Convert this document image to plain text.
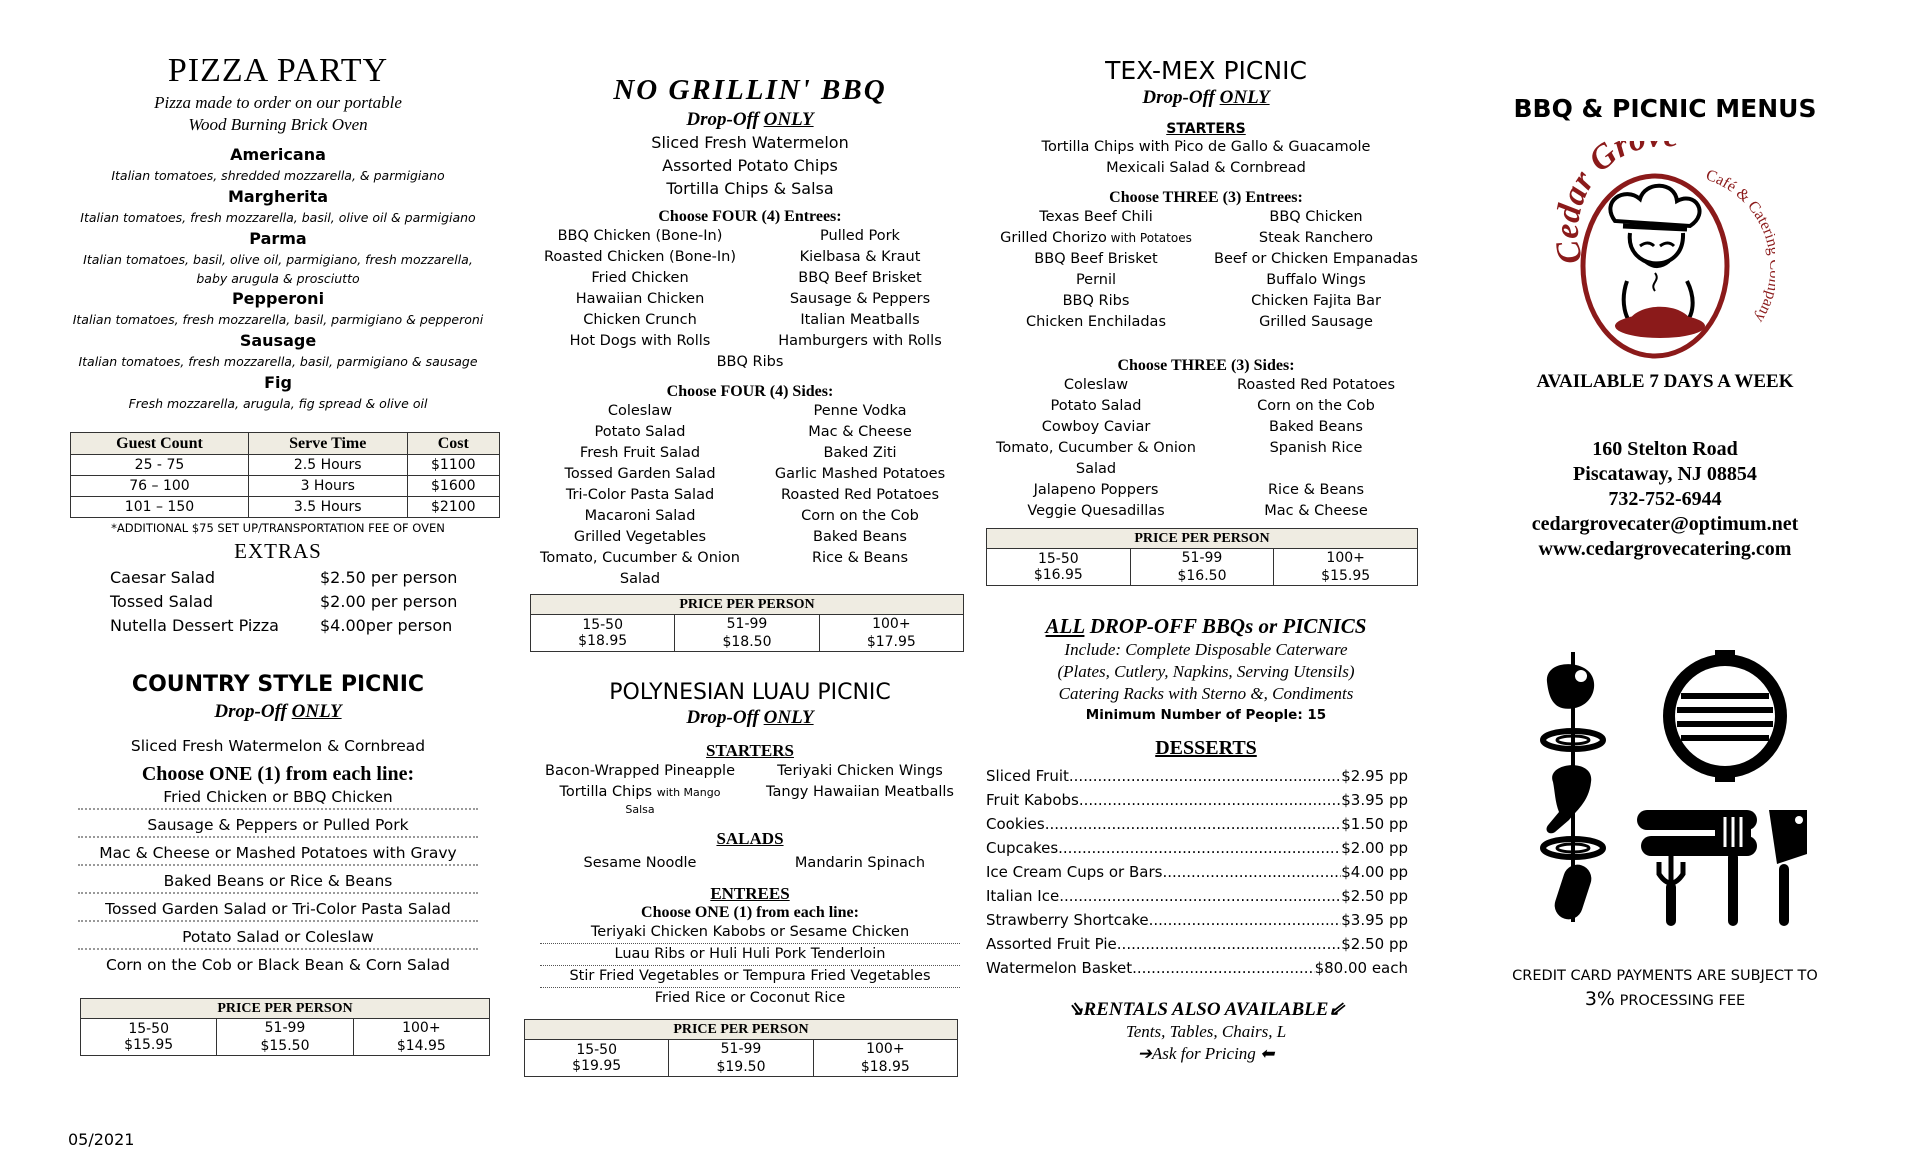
PIZZA PARTY
Pizza made to order on our portable
Wood Burning Brick Oven
Americana
Italian tomatoes, shredded mozzarella, & parmigiano
Margherita
Italian tomatoes, fresh mozzarella, basil, olive oil & parmigiano
Parma
Italian tomatoes, basil, olive oil, parmigiano, fresh mozzarella,
baby arugula & prosciutto
Pepperoni
Italian tomatoes, fresh mozzarella, basil, parmigiano & pepperoni
Sausage
Italian tomatoes, fresh mozzarella, basil, parmigiano & sausage
Fig
Fresh mozzarella, arugula, fig spread & olive oil
Guest Count	Serve Time	Cost
25 - 75	2.5 Hours	$1100
76 – 100	3 Hours	$1600
101 – 150	3.5 Hours	$2100
*ADDITIONAL $75 SET UP/TRANSPORTATION FEE OF OVEN
EXTRAS
Caesar Salad	$2.50 per person
Tossed Salad	$2.00 per person
Nutella Dessert Pizza	$4.00per person
COUNTRY STYLE PICNIC
Drop-Off ONLY
Sliced Fresh Watermelon & Cornbread
Choose ONE (1) from each line:
Fried Chicken or BBQ Chicken
Sausage & Peppers or Pulled Pork
Mac & Cheese or Mashed Potatoes with Gravy
Baked Beans or Rice & Beans
Tossed Garden Salad or Tri-Color Pasta Salad
Potato Salad or Coleslaw
Corn on the Cob or Black Bean & Corn Salad
PRICE PER PERSON		
15-50	51-99	100+
$15.95	$15.50	$14.95
05/2021
NO GRILLIN' BBQ
Drop-Off ONLY
Sliced Fresh Watermelon
Assorted Potato Chips
Tortilla Chips & Salsa
Choose FOUR (4) Entrees:
BBQ Chicken (Bone-In)
Roasted Chicken (Bone-In)
Fried Chicken
Hawaiian Chicken
Chicken Crunch
Hot Dogs with Rolls
Pulled Pork
Kielbasa & Kraut
BBQ Beef Brisket
Sausage & Peppers
Italian Meatballs
Hamburgers with Rolls
BBQ Ribs
Choose FOUR (4) Sides:
Coleslaw
Potato Salad
Fresh Fruit Salad
Tossed Garden Salad
Tri-Color Pasta Salad
Macaroni Salad
Grilled Vegetables
Tomato, Cucumber & Onion
Salad
Penne Vodka
Mac & Cheese
Baked Ziti
Garlic Mashed Potatoes
Roasted Red Potatoes
Corn on the Cob
Baked Beans
Rice & Beans
PRICE PER PERSON		
15-50	51-99	100+
$18.95	$18.50	$17.95
POLYNESIAN LUAU PICNIC
Drop-Off ONLY
STARTERS
Bacon-Wrapped Pineapple
Tortilla Chips with Mango
Salsa
Teriyaki Chicken Wings
Tangy Hawaiian Meatballs
SALADS
Sesame Noodle	Mandarin Spinach
ENTREES
Choose ONE (1) from each line:
Teriyaki Chicken Kabobs or Sesame Chicken
Luau Ribs or Huli Huli Pork Tenderloin
Stir Fried Vegetables or Tempura Fried Vegetables
Fried Rice or Coconut Rice
PRICE PER PERSON		
15-50	51-99	100+
$19.95	$19.50	$18.95
TEX-MEX PICNIC
Drop-Off ONLY
STARTERS
Tortilla Chips with Pico de Gallo & Guacamole
Mexicali Salad & Cornbread
Choose THREE (3) Entrees:
Texas Beef Chili
Grilled Chorizo with Potatoes
BBQ Beef Brisket
Pernil
BBQ Ribs
Chicken Enchiladas
BBQ Chicken
Steak Ranchero
Beef or Chicken Empanadas
Buffalo Wings
Chicken Fajita Bar
Grilled Sausage
Choose THREE (3) Sides:
Coleslaw
Potato Salad
Cowboy Caviar
Tomato, Cucumber & Onion
Salad
Jalapeno Poppers
Veggie Quesadillas
Roasted Red Potatoes
Corn on the Cob
Baked Beans
Spanish Rice

Rice & Beans
Mac & Cheese
PRICE PER PERSON		
15-50	51-99	100+
$16.95	$16.50	$15.95
ALL DROP-OFF BBQs or PICNICS
Include: Complete Disposable Caterware
(Plates, Cutlery, Napkins, Serving Utensils)
Catering Racks with Sterno &, Condiments
Minimum Number of People: 15
DESSERTS
Sliced Fruit .....	$2.95 pp
Fruit Kabobs .....	$3.95 pp
Cookies .....	$1.50 pp
Cupcakes .....	$2.00 pp
Ice Cream Cups or Bars .....	$4.00 pp
Italian Ice .....	$2.50 pp
Strawberry Shortcake .....	$3.95 pp
Assorted Fruit Pie .....	$2.50 pp
Watermelon Basket .....	$80.00 each
⇘RENTALS ALSO AVAILABLE⇙
Tents, Tables, Chairs, L
➔Ask for Pricing ⬅
BBQ & PICNIC MENUS
ar Gr
Café & Cate ny
AVAILABLE 7 DAYS A WEEK
160 Stelton Road
Piscataway, NJ 08854
732-752-6944
cedargrovecater@optimum.net
www.cedargrovecatering.com
CREDIT CARD PAYMENTS ARE SUBJECT TO
3% PROCESSING FEE
